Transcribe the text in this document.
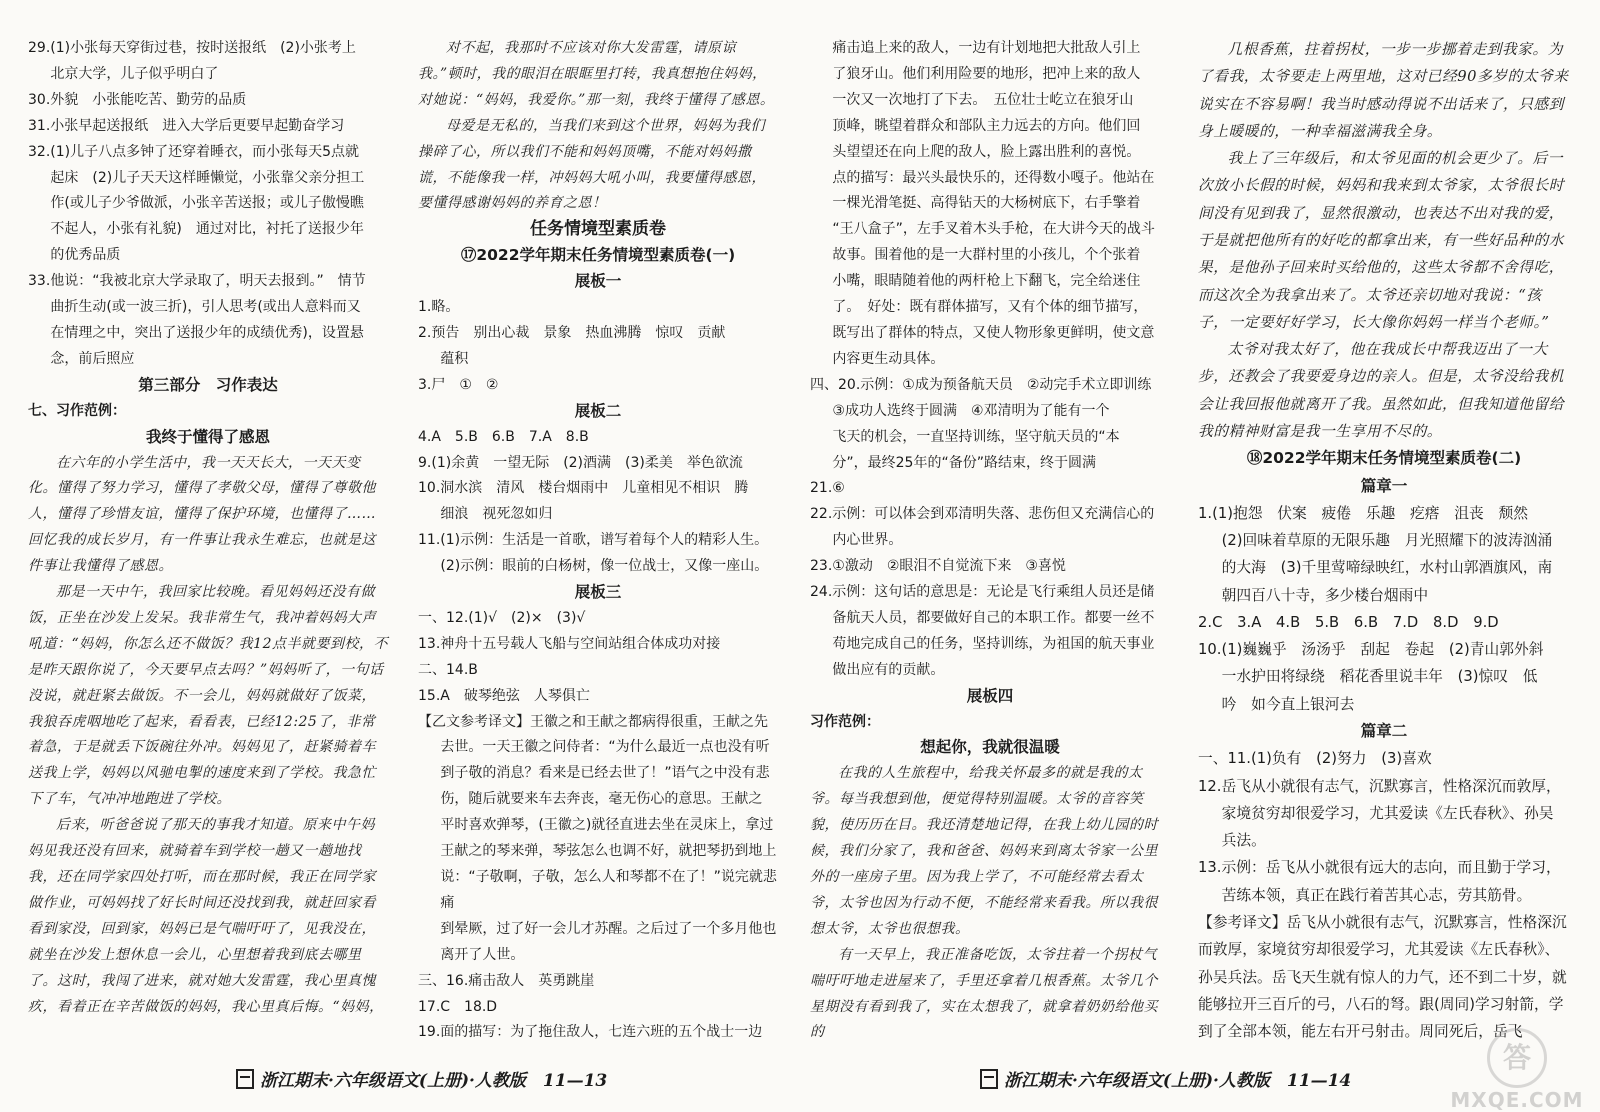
29.(1)小张每天穿街过巷，按时送报纸　(2)小张考上

北京大学，儿子似乎明白了

30.外貌　小张能吃苦、勤劳的品质

31.小张早起送报纸　进入大学后更要早起勤奋学习

32.(1)儿子八点多钟了还穿着睡衣，而小张每天5点就

起床　(2)儿子天天这样睡懒觉，小张靠父亲分担工

作(或儿子少爷做派，小张辛苦送报；或儿子傲慢瞧

不起人，小张有礼貌)　通过对比，衬托了送报少年

的优秀品质

33.他说：“我被北京大学录取了，明天去报到。”　情节

曲折生动(或一波三折)，引人思考(或出人意料而又

在情理之中，突出了送报少年的成绩优秀)，设置悬

念，前后照应

第三部分　习作表达

七、习作范例：

我终于懂得了感恩

在六年的小学生活中，我一天天长大，一天天变化。懂得了努力学习，懂得了孝敬父母，懂得了尊敬他人，懂得了珍惜友谊，懂得了保护环境，也懂得了……回忆我的成长岁月，有一件事让我永生难忘，也就是这件事让我懂得了感恩。

那是一天中午，我回家比较晚。看见妈妈还没有做饭，正坐在沙发上发呆。我非常生气，我冲着妈妈大声吼道：“妈妈，你怎么还不做饭？我12点半就要到校，不是昨天跟你说了，今天要早点去吗？”妈妈听了，一句话没说，就赶紧去做饭。不一会儿，妈妈就做好了饭菜，我狼吞虎咽地吃了起来，看看表，已经12:25了，非常着急，于是就丢下饭碗往外冲。妈妈见了，赶紧骑着车送我上学，妈妈以风驰电掣的速度来到了学校。我急忙下了车，气冲冲地跑进了学校。

后来，听爸爸说了那天的事我才知道。原来中午妈妈见我还没有回来，就骑着车到学校一趟又一趟地找我，还在同学家四处打听，而在那时候，我正在同学家做作业，可妈妈找了好长时间还没找到我，就赶回家看看到家没，回到家，妈妈已是气喘吁吁了，见我没在，就坐在沙发上想休息一会儿，心里想着我到底去哪里了。这时，我闯了进来，就对她大发雷霆，我心里真愧疚，看着正在辛苦做饭的妈妈，我心里真后悔。“妈妈，

对不起，我那时不应该对你大发雷霆，请原谅我。”顿时，我的眼泪在眼眶里打转，我真想抱住妈妈，对她说：“妈妈，我爱你。”那一刻，我终于懂得了感恩。

母爱是无私的，当我们来到这个世界，妈妈为我们操碎了心，所以我们不能和妈妈顶嘴，不能对妈妈撒谎，不能像我一样，冲妈妈大吼小叫，我要懂得感恩，要懂得感谢妈妈的养育之恩！

任务情境型素质卷

⑰2022学年期末任务情境型素质卷(一)

展板一

1.略。

2.预告　别出心裁　景象　热血沸腾　惊叹　贡献

蕴积

3.尸　①　②

展板二

4.A　5.B　6.B　7.A　8.B

9.(1)余黄　一望无际　(2)酒满　(3)柔美　举色欲流

10.洞水滨　清风　楼台烟雨中　儿童相见不相识　腾

细浪　视死忽如归

11.(1)示例：生活是一首歌，谱写着每个人的精彩人生。

(2)示例：眼前的白杨树，像一位战士，又像一座山。

展板三

一、12.(1)√　(2)×　(3)√

13.神舟十五号载人飞船与空间站组合体成功对接

二、14.B

15.A　破琴绝弦　人琴俱亡

【乙文参考译文】王徽之和王献之都病得很重，王献之先

去世。一天王徽之问侍者：“为什么最近一点也没有听

到子敬的消息？看来是已经去世了！”语气之中没有悲

伤，随后就要来车去奔丧，毫无伤心的意思。王献之

平时喜欢弹琴，(王徽之)就径直进去坐在灵床上，拿过

王献之的琴来弹，琴弦怎么也调不好，就把琴扔到地上

说：“子敬啊，子敬，怎么人和琴都不在了！”说完就悲痛

到晕厥，过了好一会儿才苏醒。之后过了一个多月他也

离开了人世。

三、16.痛击敌人　英勇跳崖

17.C　18.D

19.面的描写：为了拖住敌人，七连六班的五个战士一边

浙江期末·六年级语文(上册)·人教版　11—13

痛击追上来的敌人，一边有计划地把大批敌人引上

了狼牙山。他们利用险要的地形，把冲上来的敌人

一次又一次地打了下去。　五位壮士屹立在狼牙山

顶峰，眺望着群众和部队主力远去的方向。他们回

头望望还在向上爬的敌人，脸上露出胜利的喜悦。

点的描写：最兴头最快乐的，还得数小嘎子。他站在

一棵光滑笔挺、高得钻天的大杨树底下，右手擎着

“王八盒子”，左手叉着木头手枪，在大讲今天的战斗

故事。围着他的是一大群村里的小孩儿，个个张着

小嘴，眼睛随着他的两杆枪上下翻飞，完全给迷住

了。　好处：既有群体描写，又有个体的细节描写，

既写出了群体的特点，又使人物形象更鲜明，使文意

内容更生动具体。

四、20.示例：①成为预备航天员　②动完手术立即训练

③成功人选终于圆满　④邓清明为了能有一个

飞天的机会，一直坚持训练，坚守航天员的“本

分”，最终25年的“备份”路结束，终于圆满

21.⑥

22.示例：可以体会到邓清明失落、悲伤但又充满信心的

内心世界。

23.①激动　②眼泪不自觉流下来　③喜悦

24.示例：这句话的意思是：无论是飞行乘组人员还是储

备航天人员，都要做好自己的本职工作。都要一丝不

苟地完成自己的任务，坚持训练，为祖国的航天事业

做出应有的贡献。

展板四

习作范例：

想起你，我就很温暖

在我的人生旅程中，给我关怀最多的就是我的太爷。每当我想到他，便觉得特别温暖。太爷的音容笑貌，使历历在目。我还清楚地记得，在我上幼儿园的时候，我们分家了，我和爸爸、妈妈来到离太爷家一公里外的一座房子里。因为我上学了，不可能经常去看太爷，太爷也因为行动不便，不能经常来看我。所以我很想太爷，太爷也很想我。

有一天早上，我正准备吃饭，太爷拄着一个拐杖气喘吁吁地走进屋来了，手里还拿着几根香蕉。太爷几个星期没有看到我了，实在太想我了，就拿着奶奶给他买的

几根香蕉，拄着拐杖，一步一步挪着走到我家。为了看我，太爷要走上两里地，这对已经90多岁的太爷来说实在不容易啊！我当时感动得说不出话来了，只感到身上暖暖的，一种幸福滋满我全身。

我上了三年级后，和太爷见面的机会更少了。后一次放小长假的时候，妈妈和我来到太爷家，太爷很长时间没有见到我了，显然很激动，也表达不出对我的爱，于是就把他所有的好吃的都拿出来，有一些好品种的水果，是他孙子回来时买给他的，这些太爷都不舍得吃，而这次全为我拿出来了。太爷还亲切地对我说：“孩子，一定要好好学习，长大像你妈妈一样当个老师。”

太爷对我太好了，他在我成长中帮我迈出了一大步，还教会了我要爱身边的亲人。但是，太爷没给我机会让我回报他就离开了我。虽然如此，但我知道他留给我的精神财富是我一生享用不尽的。

⑱2022学年期末任务情境型素质卷(二)

篇章一

1.(1)抱怨　伏案　疲倦　乐趣　疙瘩　沮丧　颓然

(2)回味着草原的无限乐趣　月光照耀下的波涛汹涌

的大海　(3)千里莺啼绿映红，水村山郭酒旗风，南

朝四百八十寺，多少楼台烟雨中

2.C　3.A　4.B　5.B　6.B　7.D　8.D　9.D

10.(1)巍巍乎　汤汤乎　刮起　卷起　(2)青山郭外斜

一水护田将绿绕　稻花香里说丰年　(3)惊叹　低

吟　如今直上银河去

篇章二

一、11.(1)负有　(2)努力　(3)喜欢

12.岳飞从小就很有志气，沉默寡言，性格深沉而敦厚，

家境贫穷却很爱学习，尤其爱读《左氏春秋》、孙吴

兵法。

13.示例：岳飞从小就很有远大的志向，而且勤于学习，

苦练本领，真正在践行着苦其心志，劳其筋骨。

【参考译文】岳飞从小就很有志气，沉默寡言，性格深沉而敦厚，家境贫穷却很爱学习，尤其爱读《左氏春秋》、孙吴兵法。岳飞天生就有惊人的力气，还不到二十岁，就能够拉开三百斤的弓，八石的弩。跟(周同)学习射箭，学到了全部本领，能左右开弓射击。周同死后，岳飞

浙江期末·六年级语文(上册)·人教版　11—14
答
MXQE.COM
